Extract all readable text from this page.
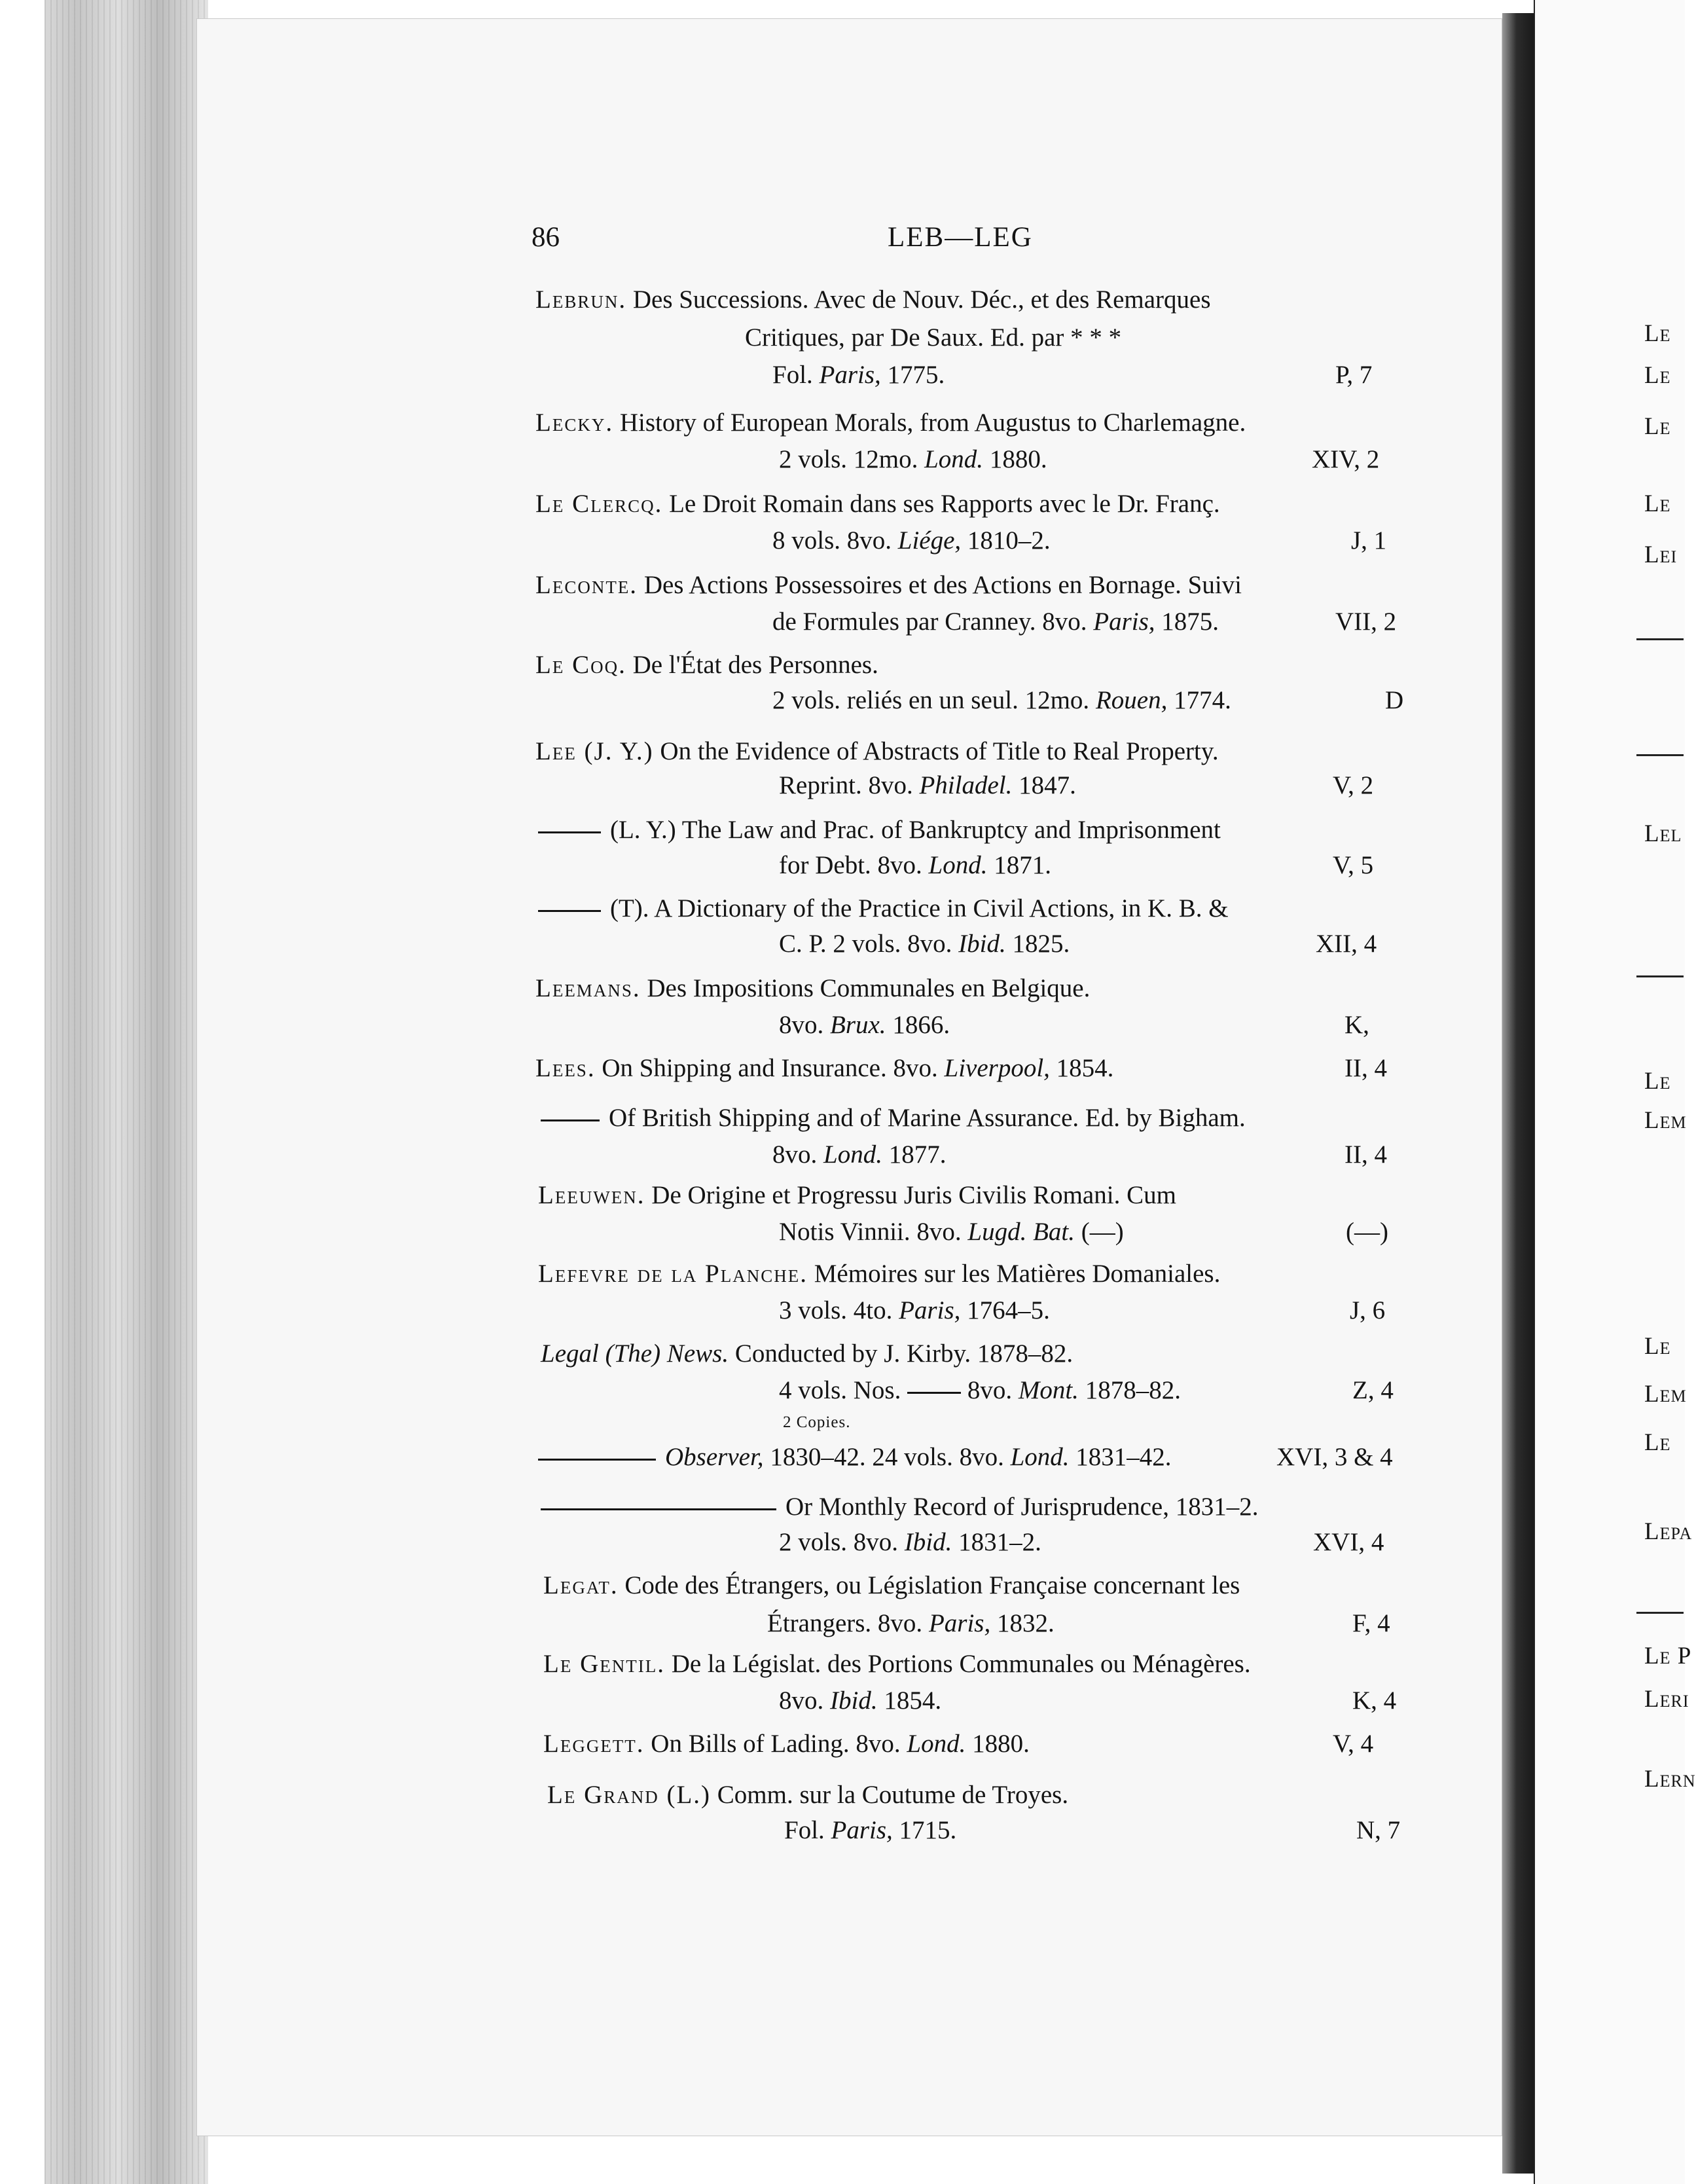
Le
Le
Le
Le
Lei
Lel
Le
Lem
Le
Lem
Le
Lepa
Le P
Leri
Lern
86	LEB—LEG
Lebrun. Des Successions. Avec de Nouv. Déc., et des Remarques
Critiques, par De Saux. Ed. par * * *
Fol. Paris, 1775.	P, 7
Lecky. History of European Morals, from Augustus to Charlemagne.
2 vols. 12mo. Lond. 1880.	XIV, 2
Le Clercq. Le Droit Romain dans ses Rapports avec le Dr. Franç.
8 vols. 8vo. Liége, 1810–2.	J, 1
Leconte. Des Actions Possessoires et des Actions en Bornage. Suivi
de Formules par Cranney. 8vo. Paris, 1875.	VII, 2
Le Coq. De l'État des Personnes.
2 vols. reliés en un seul. 12mo. Rouen, 1774.	D
Lee (J. Y.) On the Evidence of Abstracts of Title to Real Property.
Reprint. 8vo. Philadel. 1847.	V, 2
(L. Y.) The Law and Prac. of Bankruptcy and Imprisonment
for Debt. 8vo. Lond. 1871.	V, 5
(T). A Dictionary of the Practice in Civil Actions, in K. B. &
C. P. 2 vols. 8vo. Ibid. 1825.	XII, 4
Leemans. Des Impositions Communales en Belgique.
8vo. Brux. 1866.	K,
Lees. On Shipping and Insurance. 8vo. Liverpool, 1854.	II, 4
Of British Shipping and of Marine Assurance. Ed. by Bigham.
8vo. Lond. 1877.	II, 4
Leeuwen. De Origine et Progressu Juris Civilis Romani. Cum
Notis Vinnii. 8vo. Lugd. Bat. (—)	(—)
Lefevre de la Planche. Mémoires sur les Matières Domaniales.
3 vols. 4to. Paris, 1764–5.	J, 6
Legal (The) News. Conducted by J. Kirby. 1878–82.
4 vols. Nos.  8vo. Mont. 1878–82.	Z, 4
2 Copies.
Observer, 1830–42. 24 vols. 8vo. Lond. 1831–42.	XVI, 3 & 4
Or Monthly Record of Jurisprudence, 1831–2.
2 vols. 8vo. Ibid. 1831–2.	XVI, 4
Legat. Code des Étrangers, ou Législation Française concernant les
Étrangers. 8vo. Paris, 1832.	F, 4
Le Gentil. De la Législat. des Portions Communales ou Ménagères.
8vo. Ibid. 1854.	K, 4
Leggett. On Bills of Lading. 8vo. Lond. 1880.	V, 4
Le Grand (L.) Comm. sur la Coutume de Troyes.
Fol. Paris, 1715.	N, 7
